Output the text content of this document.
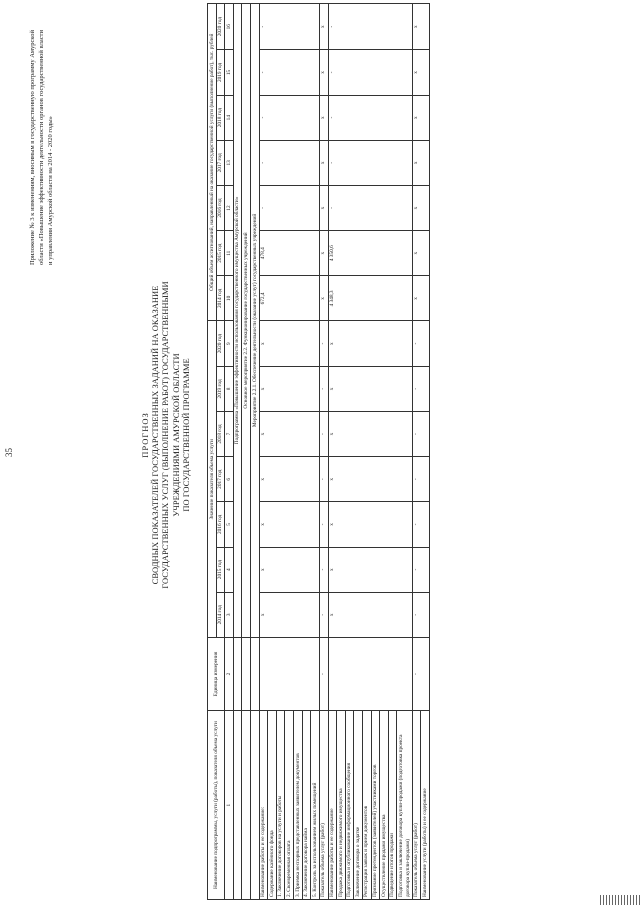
35
Приложение № 3 к изменениям, вносимым в государственную программу Амурской области «Повышение эффективности деятельности органов государственной власти и управления Амурской области на 2014 - 2020 годы»
ПРОГНОЗ СВОДНЫХ ПОКАЗАТЕЛЕЙ ГОСУДАРСТВЕННЫХ ЗАДАНИЙ НА ОКАЗАНИЕ ГОСУДАРСТВЕННЫХ УСЛУГ (ВЫПОЛНЕНИЕ РАБОТ) ГОСУДАРСТВЕННЫМИ УЧРЕЖДЕНИЯМИ АМУРСКОЙ ОБЛАСТИ ПО ГОСУДАРСТВЕННОЙ ПРОГРАММЕ
Наименование подпрограммы, услуги (работы), показателя объема услуги	Единица измерения	Значение показателя объема услуги							Общий объем ассигнований, направленный на оказание государственной услуги (выполнение работ), тыс. рублей						
		2014 год	2015 год	2016 год	2017 год	2018 год	2019 год	2020 год	2014 год	2015 год	2016 год	2017 год	2018 год	2019 год	2020 год
1	2	3	4	5	6	7	8	9	10	11	12	13	14	15	16
		Подпрограмма «Повышение эффективности использования государственного имущества Амурской области»													
		Основное мероприятие 2.2. Функционирование государственных учреждений													
		Мероприятие 2.2.1. Обеспечение деятельности (оказание услуг) государственных учреждений													
Наименование работы и ее содержание:		х	х	х	х	х	х	х	672,4	478,4	-	-	-	-	-
Содержание казённого фонда															
1. Заключение договоров на услуги и работы															
2. Своевременная оплата															
3. Приемка неспорных представленных заявителем документов															
4. Заключение договора найма															
5. Контроль за использованием жилых помещений															
Показатель объема услуг (работ)	-	-	-	-	-	-	-	-	х	х	х	х	х	х	х
Наименование работы и ее содержание		х	х	х	х	х	х	х	4 348,3	4 350,6	-	-	-	-	-
Продажа движимого и недвижимого имущества															
Подготовка и опубликование информационного сообщения															
Заключение договора о задатке															
Регистрация заявок и прием документов															
Признание претендентов (заявителей) участниками торгов															
Осуществление продажи имущества															
Подведение итогов продажи															
Подготовка и заключение договора купли-продажи (подготовка проекта договора купли-продажи)															
Показатель объема услуг (работ)	-	-	-	-	-	-	-	-	х	х	х	х	х	х	х
Наименование услуги (работы) и ее содержание															
